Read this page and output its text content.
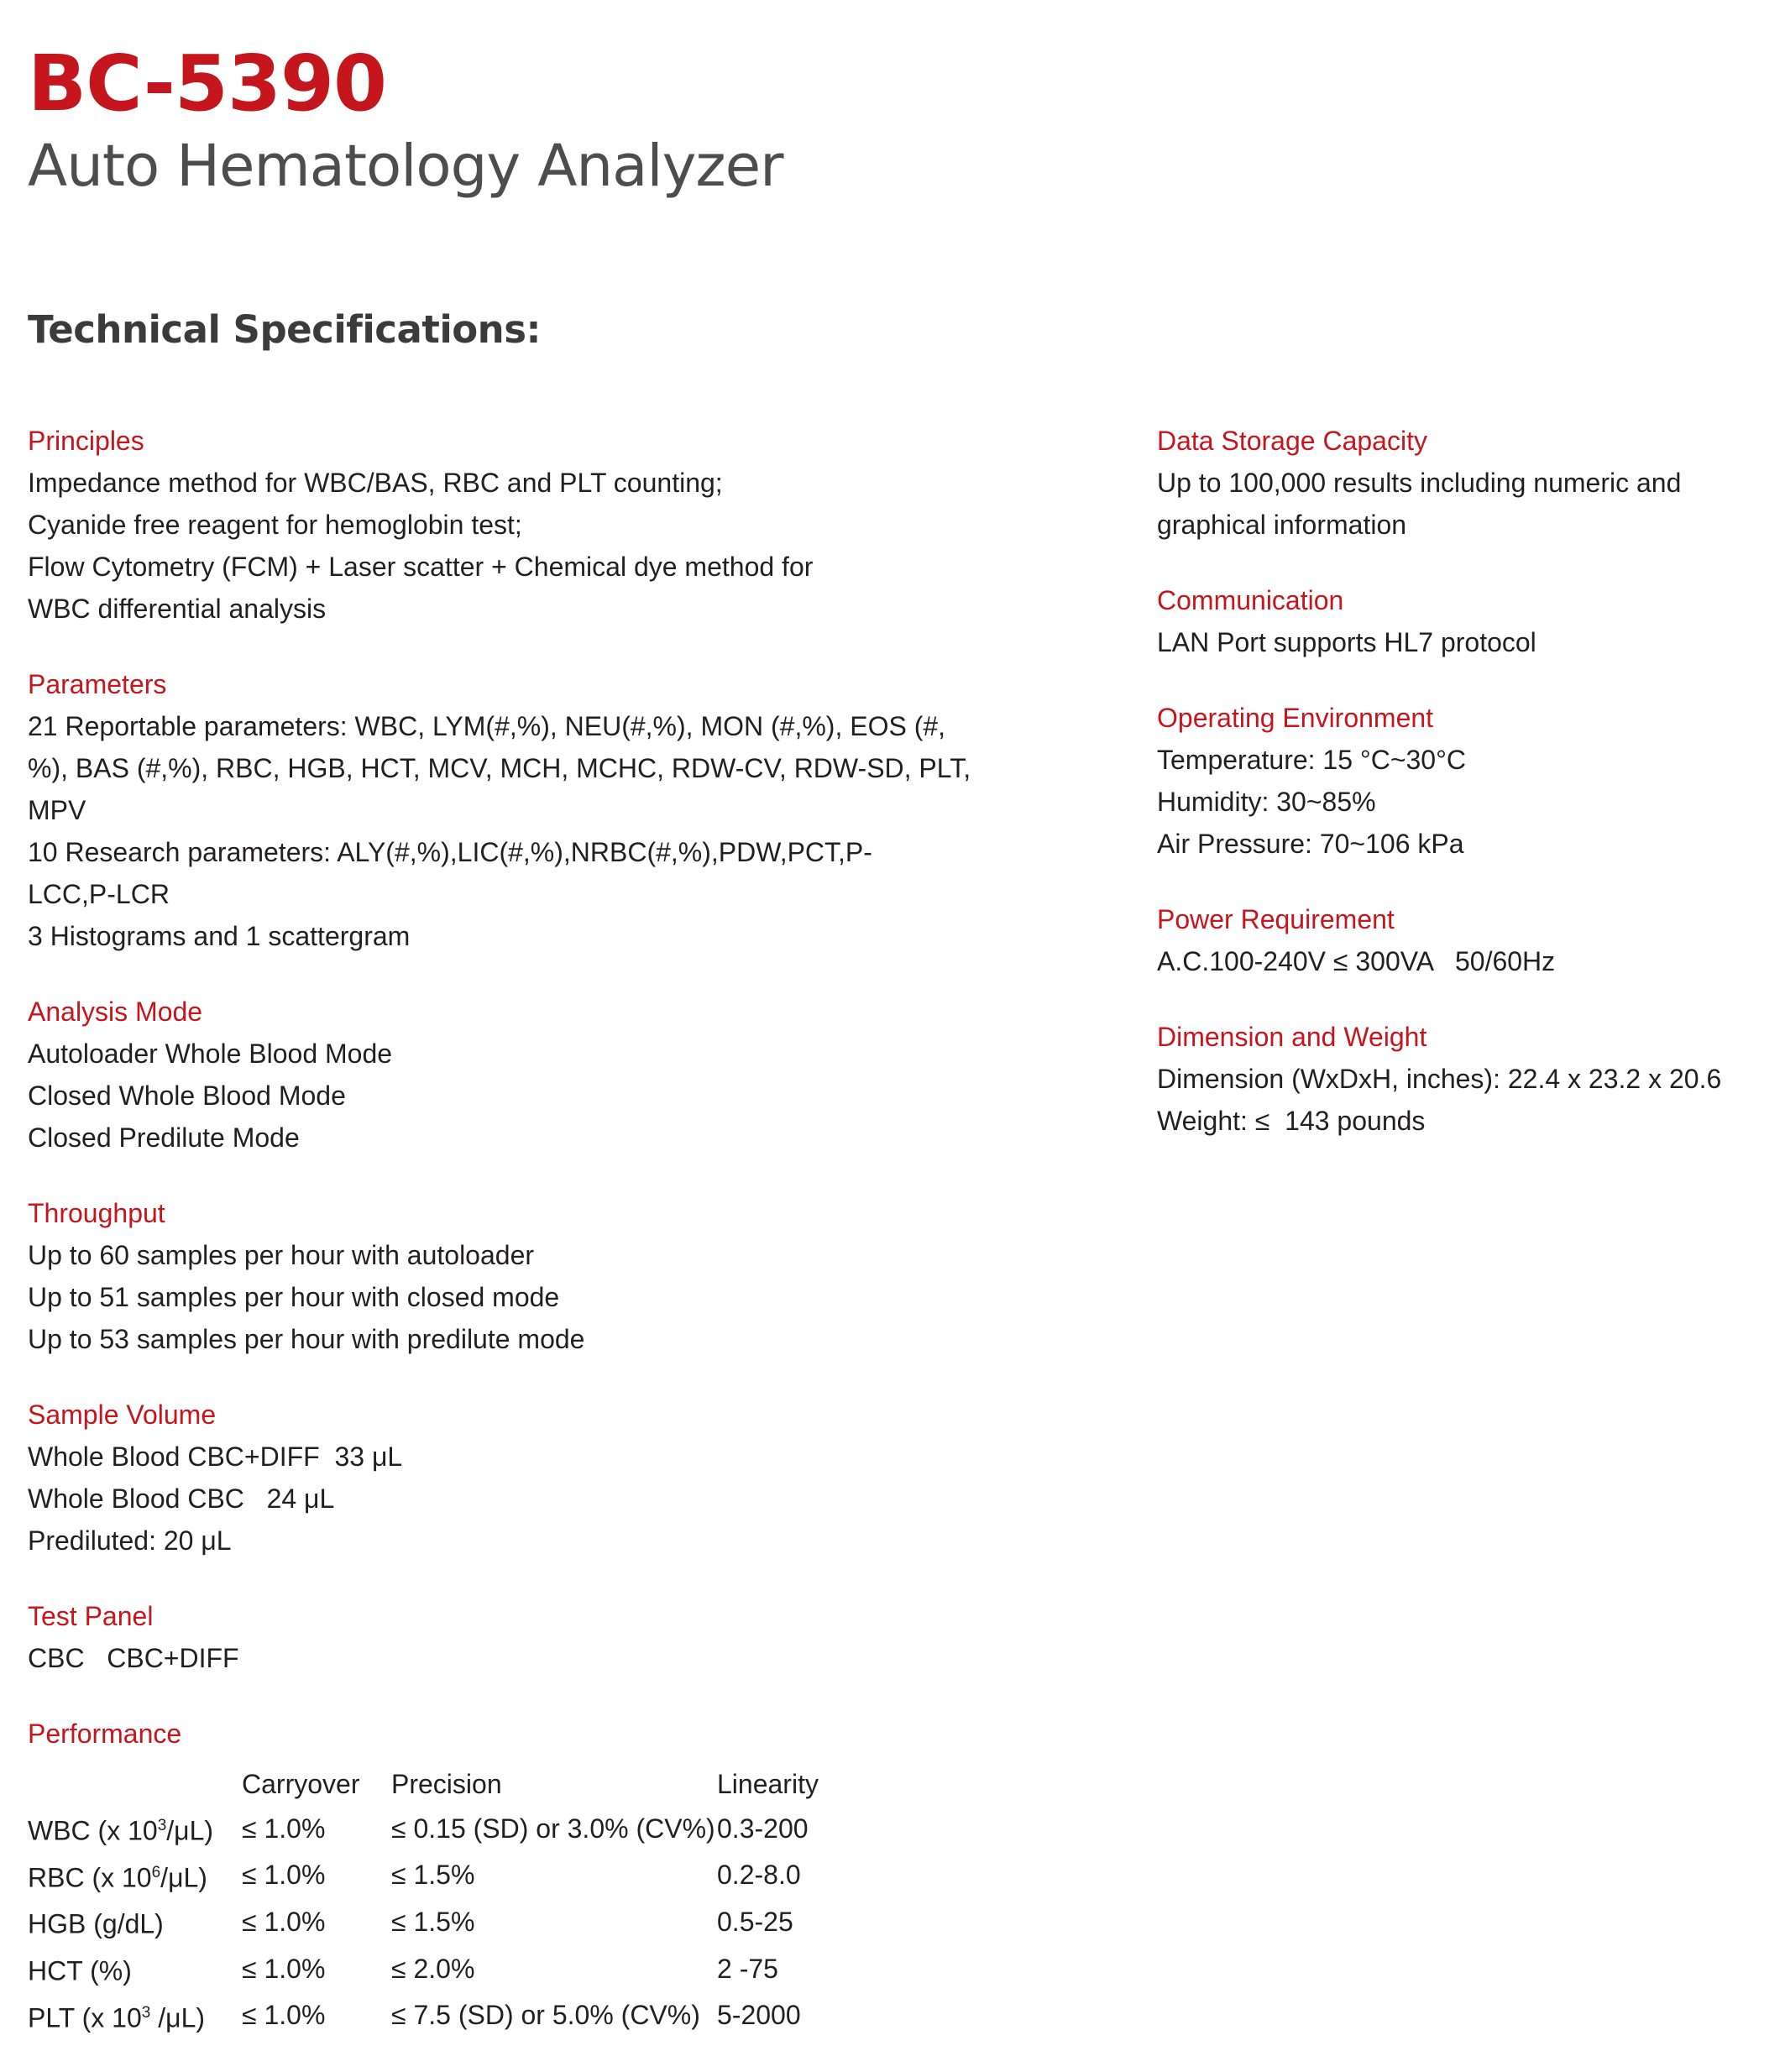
BC-5390
Auto Hematology Analyzer
Technical Specifications:

Principles

Impedance method for WBC/BAS, RBC and PLT counting;

Cyanide free reagent for hemoglobin test;

Flow Cytometry (FCM) + Laser scatter + Chemical dye method for

WBC differential analysis

Parameters

21 Reportable parameters: WBC, LYM(#,%), NEU(#,%), MON (#,%), EOS (#,

%), BAS (#,%), RBC, HGB, HCT, MCV, MCH, MCHC, RDW-CV, RDW-SD, PLT,

MPV

10 Research parameters: ALY(#,%),LIC(#,%),NRBC(#,%),PDW,PCT,P-

LCC,P-LCR

3 Histograms and 1 scattergram

Analysis Mode

Autoloader Whole Blood Mode

Closed Whole Blood Mode

Closed Predilute Mode

Throughput

Up to 60 samples per hour with autoloader

Up to 51 samples per hour with closed mode

Up to 53 samples per hour with predilute mode

Sample Volume

Whole Blood CBC+DIFF  33 μL

Whole Blood CBC   24 μL

Prediluted: 20 μL

Test Panel

CBC   CBC+DIFF

Performance

	Carryover	Precision	Linearity
WBC (x $10^3/\mu L$)	≤ 1.0%	≤ 0.15 (SD) or 3.0% (CV%)	0.3-200
RBC (x $10^6/\mu L$)	≤ 1.0%	≤ 1.5%	0.2-8.0
HGB (g/dL)	≤ 1.0%	≤ 1.5%	0.5-25
HCT (%)	≤ 1.0%	≤ 2.0%	2 -75
PLT (x $10^3$ /μL)	≤ 1.0%	≤ 7.5 (SD) or 5.0% (CV%)	5-2000

Data Storage Capacity

Up to 100,000 results including numeric and

graphical information

Communication

LAN Port supports HL7 protocol

Operating Environment

Temperature: 15 °C~30°C

Humidity: 30~85%

Air Pressure: 70~106 kPa

Power Requirement

A.C.100-240V ≤ 300VA   50/60Hz

Dimension and Weight

Dimension (WxDxH, inches): 22.4 x 23.2 x 20.6

Weight: ≤  143 pounds
